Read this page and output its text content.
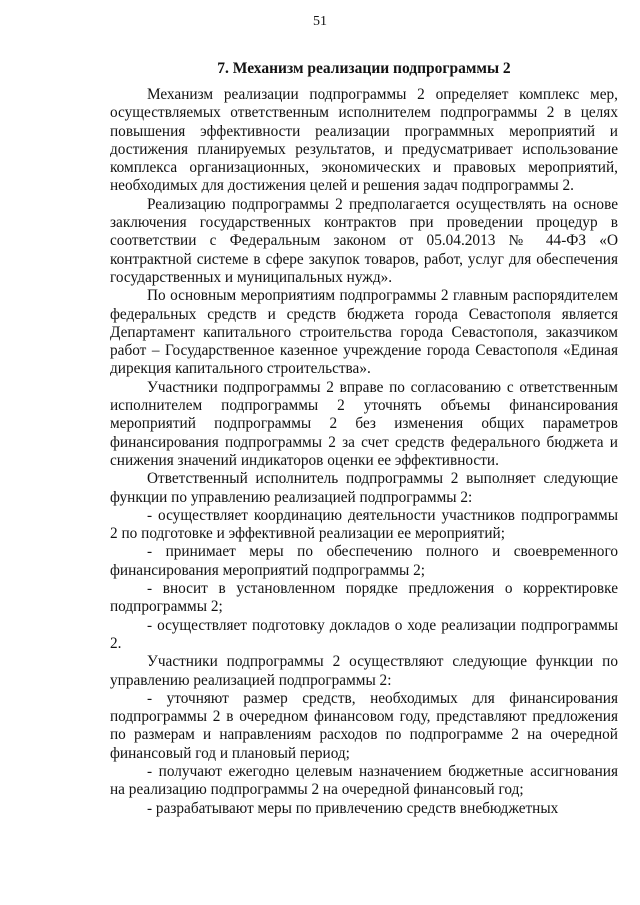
51
7. Механизм реализации подпрограммы 2

Механизм реализации подпрограммы 2 определяет комплекс мер, осуществляемых ответственным исполнителем подпрограммы 2 в целях повышения эффективности реализации программных мероприятий и достижения планируемых результатов, и предусматривает использование комплекса организационных, экономических и правовых мероприятий, необходимых для достижения целей и решения задач подпрограммы 2.

Реализацию подпрограммы 2 предполагается осуществлять на основе заключения государственных контрактов при проведении процедур в соответствии с Федеральным законом от 05.04.2013 № 44-ФЗ «О контрактной системе в сфере закупок товаров, работ, услуг для обеспечения государственных и муниципальных нужд».

По основным мероприятиям подпрограммы 2 главным распорядителем федеральных средств и средств бюджета города Севастополя является Департамент капитального строительства города Севастополя, заказчиком работ – Государственное казенное учреждение города Севастополя «Единая дирекция капитального строительства».

Участники подпрограммы 2 вправе по согласованию с ответственным исполнителем подпрограммы 2 уточнять объемы финансирования мероприятий подпрограммы 2 без изменения общих параметров финансирования подпрограммы 2 за счет средств федерального бюджета и снижения значений индикаторов оценки ее эффективности.

Ответственный исполнитель подпрограммы 2 выполняет следующие функции по управлению реализацией подпрограммы 2:

- осуществляет координацию деятельности участников подпрограммы 2 по подготовке и эффективной реализации ее мероприятий;

- принимает меры по обеспечению полного и своевременного финансирования мероприятий подпрограммы 2;

- вносит в установленном порядке предложения о корректировке подпрограммы 2;

- осуществляет подготовку докладов о ходе реализации подпрограммы 2.

Участники подпрограммы 2 осуществляют следующие функции по управлению реализацией подпрограммы 2:

- уточняют размер средств, необходимых для финансирования подпрограммы 2 в очередном финансовом году, представляют предложения по размерам и направлениям расходов по подпрограмме 2 на очередной финансовый год и плановый период;

- получают ежегодно целевым назначением бюджетные ассигнования на реализацию подпрограммы 2 на очередной финансовый год;

- разрабатывают меры по привлечению средств внебюджетных
